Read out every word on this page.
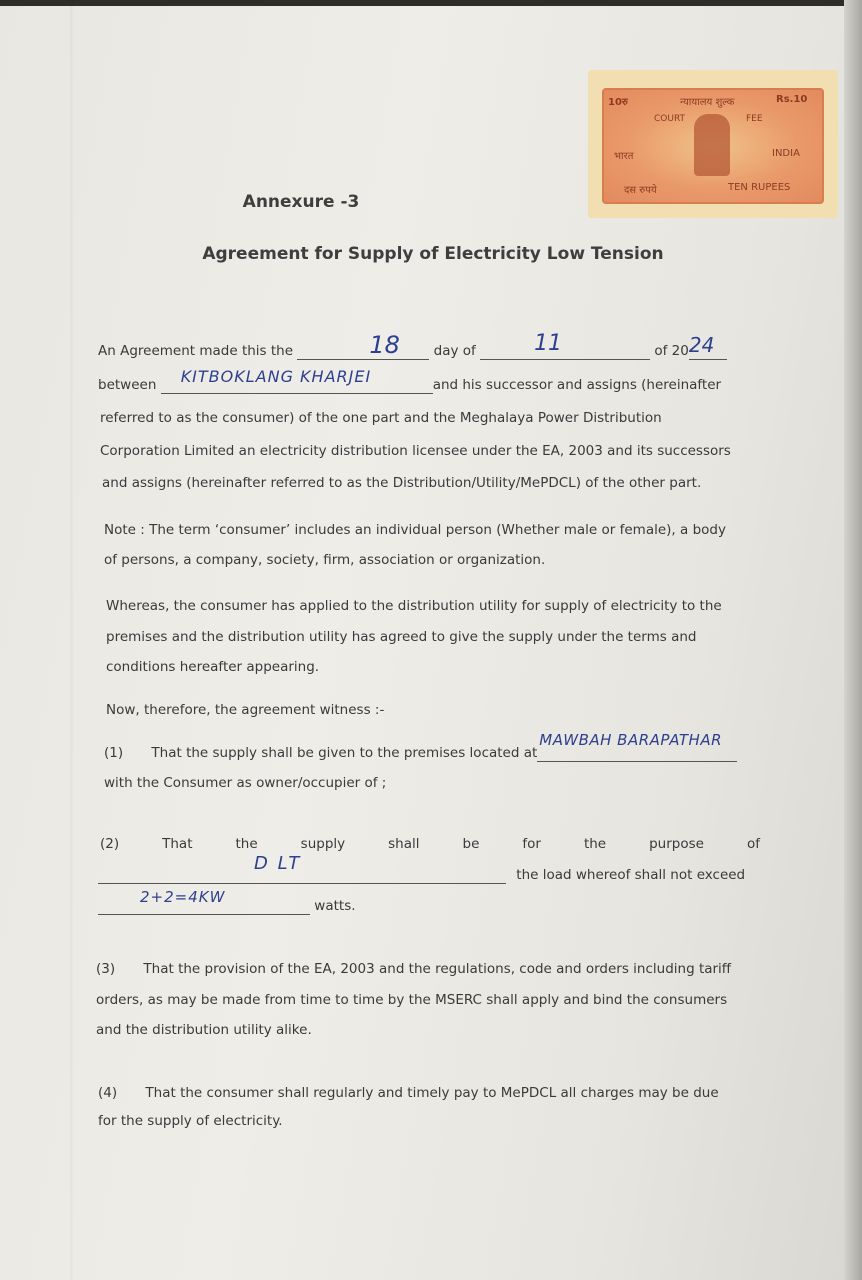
10रु	न्यायालय शुल्क	Rs.10
COURT	FEE
भारत	INDIA
दस रुपये	TEN RUPEES
Annexure -3
Agreement for Supply of Electricity Low Tension
An Agreement made this the	18	day of	11	of 20 24

between KITBOKLANG KHARJEI	and his successor and assigns (hereinafter
referred to as the consumer) of the one part and the Meghalaya Power Distribution
Corporation Limited an electricity distribution licensee under the EA, 2003 and its successors
and assigns (hereinafter referred to as the Distribution/Utility/MePDCL) of the other part.
Note : The term ‘consumer’ includes an individual person (Whether male or female), a body
of persons, a company, society, firm, association or organization.
Whereas, the consumer has applied to the distribution utility for supply of electricity to the
premises and the distribution utility has agreed to give the supply under the terms and
conditions hereafter appearing.
Now, therefore, the agreement witness :-
(1) That the supply shall be given to the premises located at
MAWBAH BARAPATHAR

with the Consumer as owner/occupier of ;
(2)	That	the	supply	shall	be	for	the	purpose	of
D LT
the load whereof shall not exceed
2+2=4KW	watts.
(3) That the provision of the EA, 2003 and the regulations, code and orders including tariff
orders, as may be made from time to time by the MSERC shall apply and bind the consumers
and the distribution utility alike.
(4) That the consumer shall regularly and timely pay to MePDCL all charges may be due
for the supply of electricity.
